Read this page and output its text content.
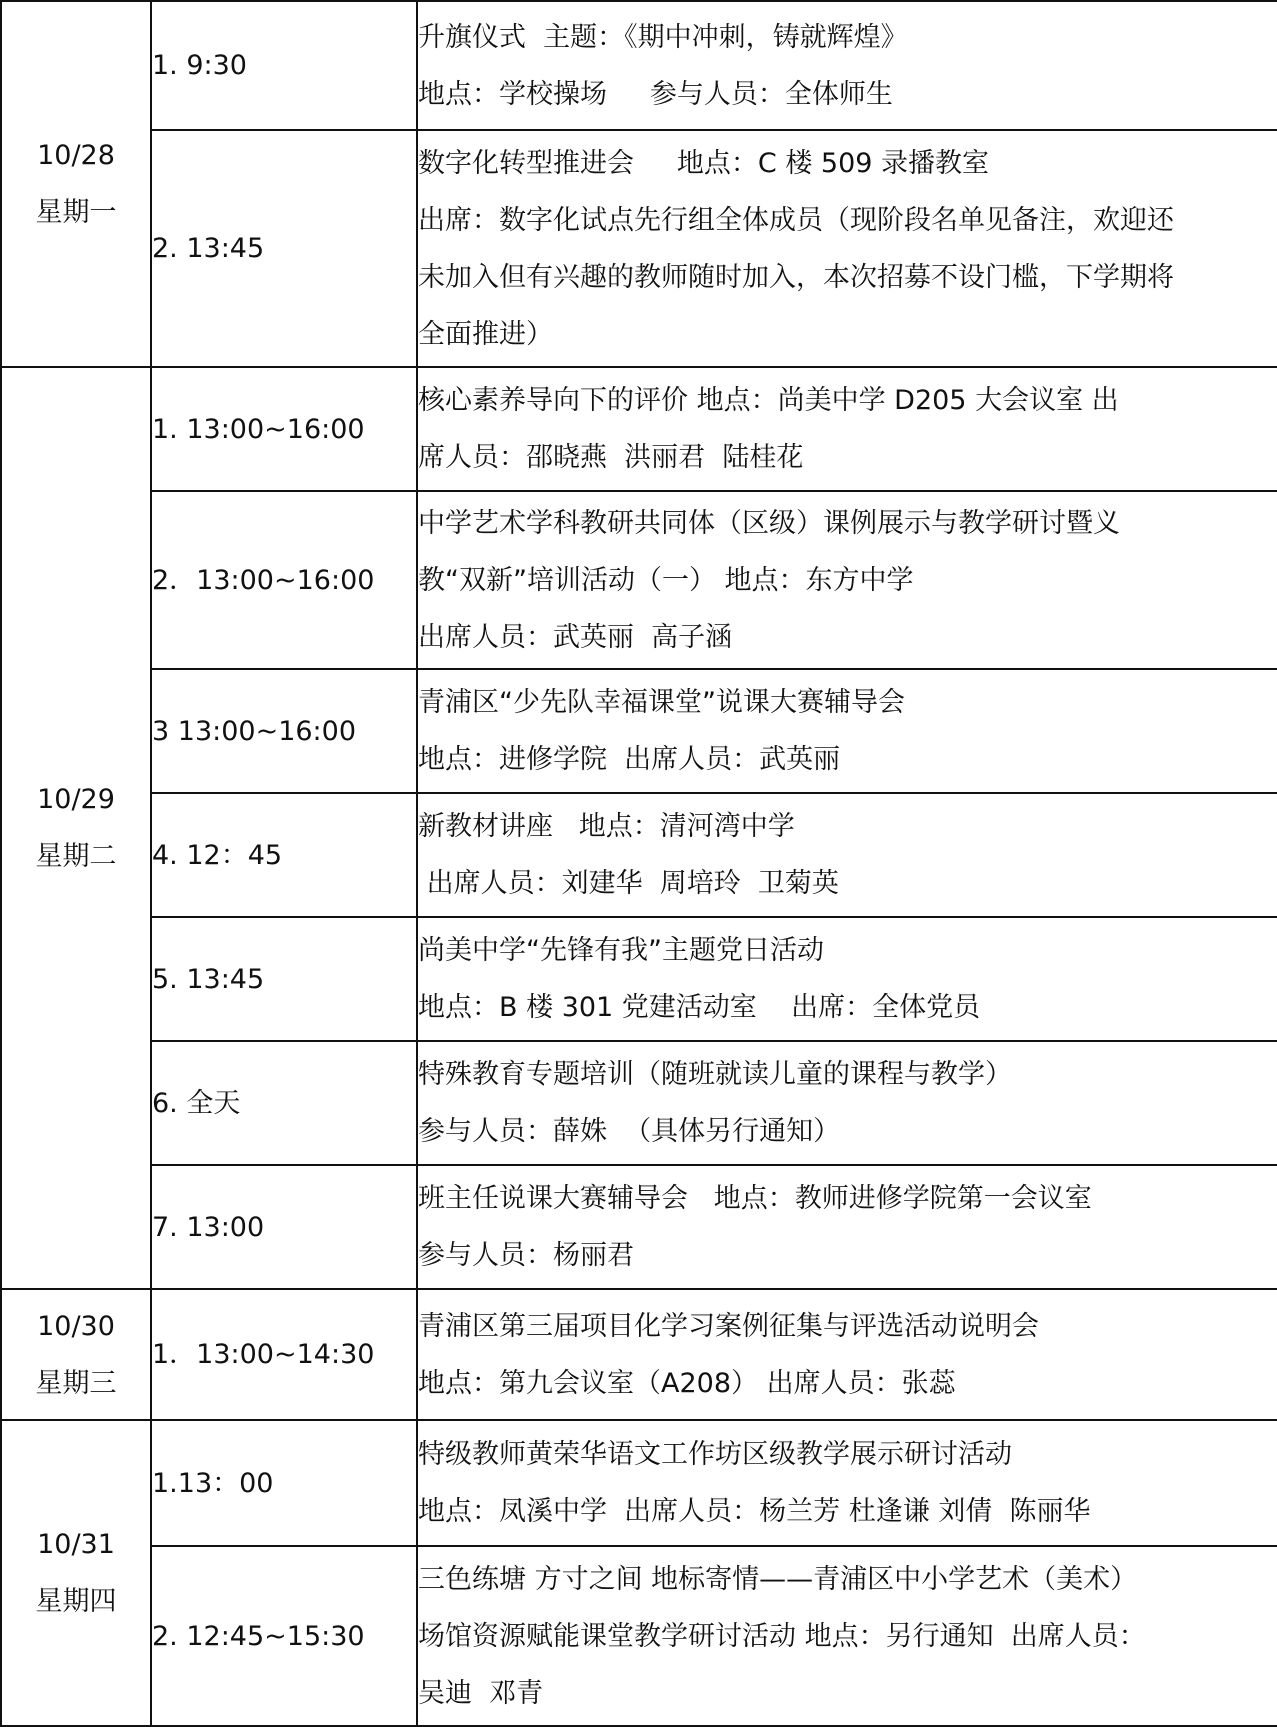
10/28
星期一	1. 9:30	升旗仪式  主题：《期中冲刺，铸就辉煌》
地点：学校操场     参与人员：全体师生

	2. 13:45	数字化转型推进会     地点：C 楼 509 录播教室
出席：数字化试点先行组全体成员（现阶段名单见备注，欢迎还
未加入但有兴趣的教师随时加入，本次招募不设门槛，下学期将
全面推进）

10/29
星期二	1. 13:00~16:00	核心素养导向下的评价 地点：尚美中学 D205 大会议室 出
席人员：邵晓燕  洪丽君  陆桂花

	2．13:00~16:00	中学艺术学科教研共同体（区级）课例展示与教学研讨暨义
教“双新”培训活动（一） 地点：东方中学
出席人员：武英丽  高子涵

	3 13:00~16:00	青浦区“少先队幸福课堂”说课大赛辅导会
地点：进修学院  出席人员：武英丽

	4. 12：45	新教材讲座   地点：清河湾中学
出席人员：刘建华  周培玲  卫菊英

	5. 13:45	尚美中学“先锋有我”主题党日活动
地点：B 楼 301 党建活动室    出席：全体党员

	6. 全天	特殊教育专题培训（随班就读儿童的课程与教学）
参与人员：薛姝  （具体另行通知）

	7. 13:00	班主任说课大赛辅导会   地点：教师进修学院第一会议室
参与人员：杨丽君

10/30
星期三	1．13:00~14:30	青浦区第三届项目化学习案例征集与评选活动说明会
地点：第九会议室（A208） 出席人员：张蕊

10/31
星期四	1.13：00	特级教师黄荣华语文工作坊区级教学展示研讨活动
地点：凤溪中学  出席人员：杨兰芳 杜逢谦 刘倩  陈丽华

	2. 12:45~15:30	三色练塘 方寸之间 地标寄情——青浦区中小学艺术（美术）
场馆资源赋能课堂教学研讨活动 地点：另行通知  出席人员：
吴迪  邓青
